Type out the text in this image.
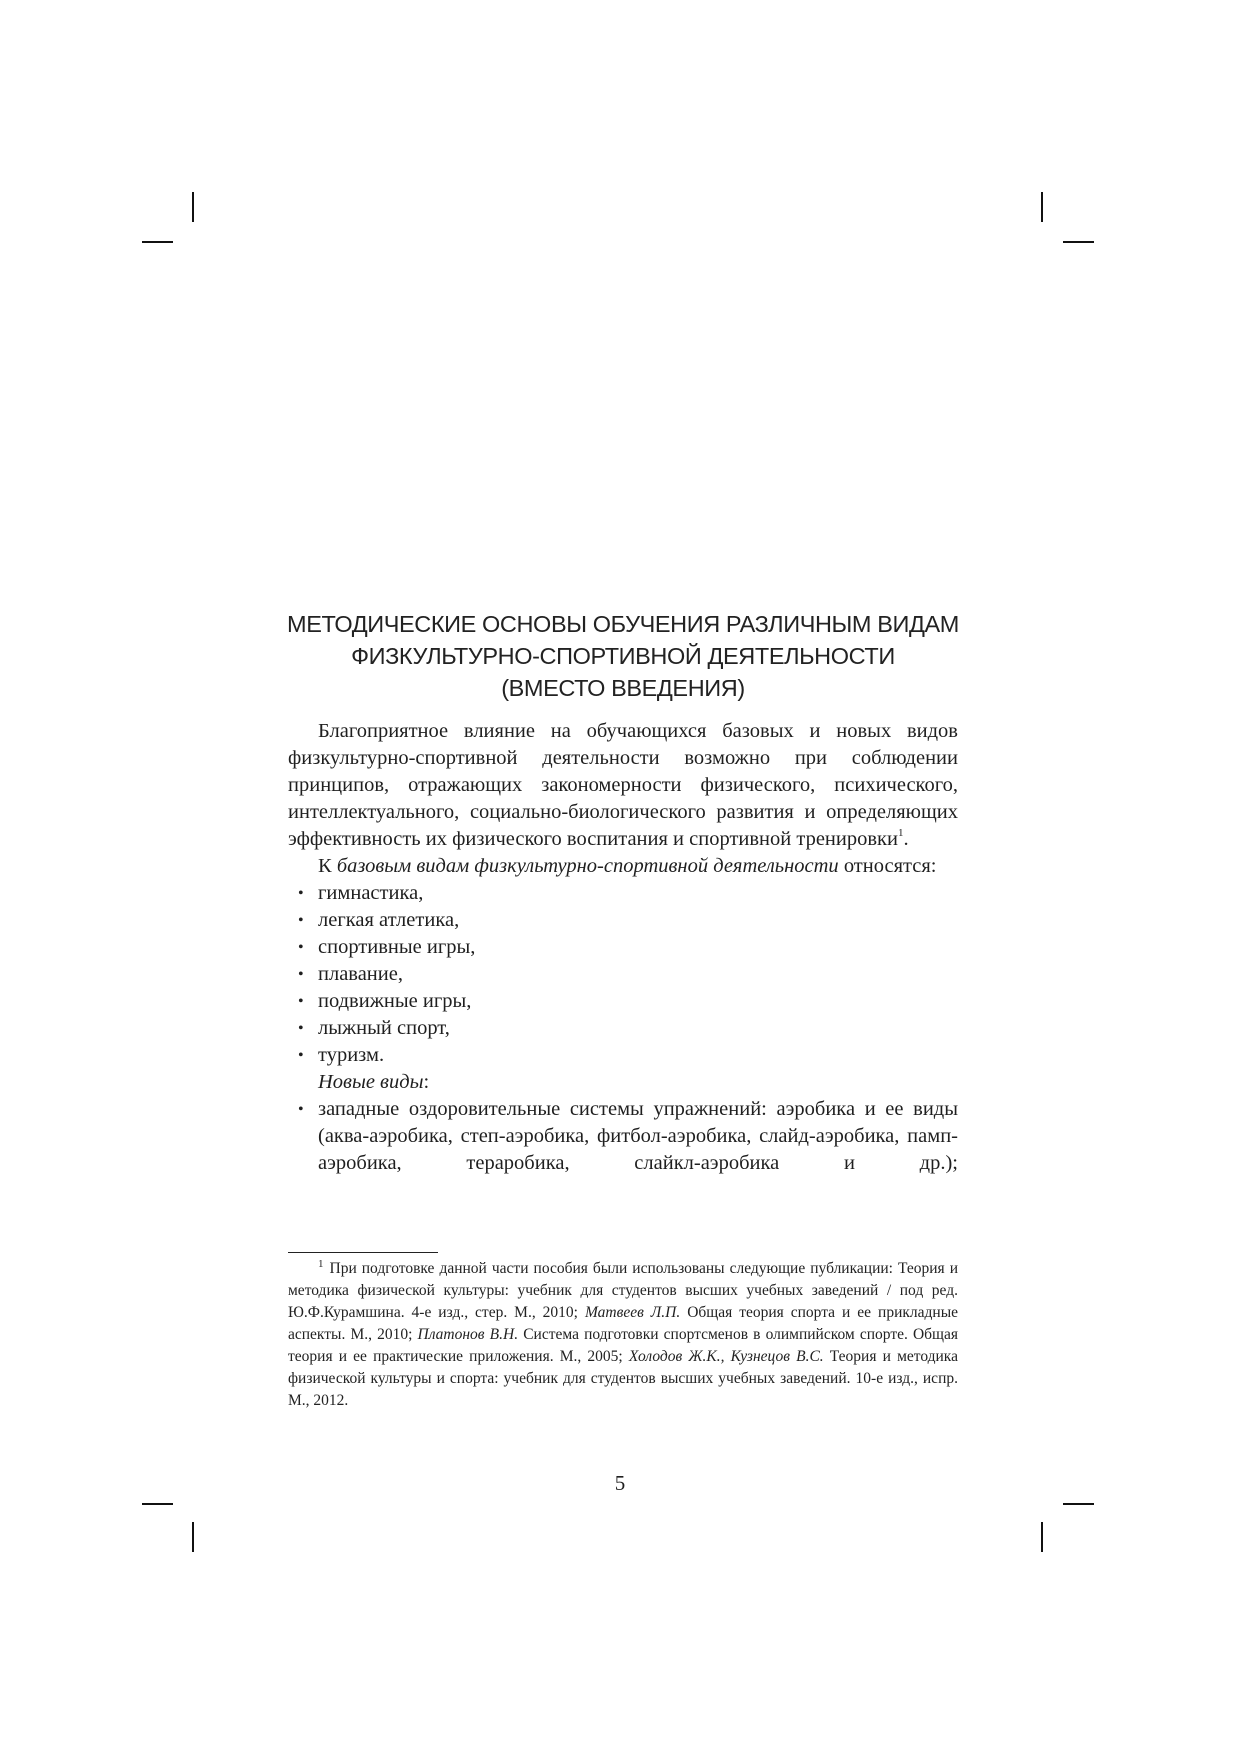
МЕТОДИЧЕСКИЕ ОСНОВЫ ОБУЧЕНИЯ РАЗЛИЧНЫМ ВИДАМ
ФИЗКУЛЬТУРНО-СПОРТИВНОЙ ДЕЯТЕЛЬНОСТИ
(ВМЕСТО ВВЕДЕНИЯ)

Благоприятное влияние на обучающихся базовых и новых видов физкультурно-спортивной деятельности возможно при соблюдении принципов, отражающих закономерности физического, психического, интеллектуального, социально-биологического развития и определяющих эффективность их физического воспитания и спортивной тренировки$^1$.

К базовым видам физкультурно-спортивной деятельности относятся:

• гимнастика,
• легкая атлетика,
• спортивные игры,
• плавание,
• подвижные игры,
• лыжный спорт,
• туризм.

Новые виды:

• западные оздоровительные системы упражнений: аэробика и ее виды (аква-аэробика, степ-аэробика, фитбол-аэробика, слайд-аэробика, памп-аэробика, тераробика, слайкл-аэробика и др.);
$^1$ При подготовке данной части пособия были использованы следующие публикации: Теория и методика физической культуры: учебник для студентов высших учебных заведений / под ред. Ю.Ф.Курамшина. 4-е изд., стер. М., 2010; Матвеев Л.П. Общая теория спорта и ее прикладные аспекты. М., 2010; Платонов В.Н. Система подготовки спортсменов в олимпийском спорте. Общая теория и ее практические приложения. М., 2005; Холодов Ж.К., Кузнецов В.С. Теория и методика физической культуры и спорта: учебник для студентов высших учебных заведений. 10-е изд., испр. М., 2012.
5
